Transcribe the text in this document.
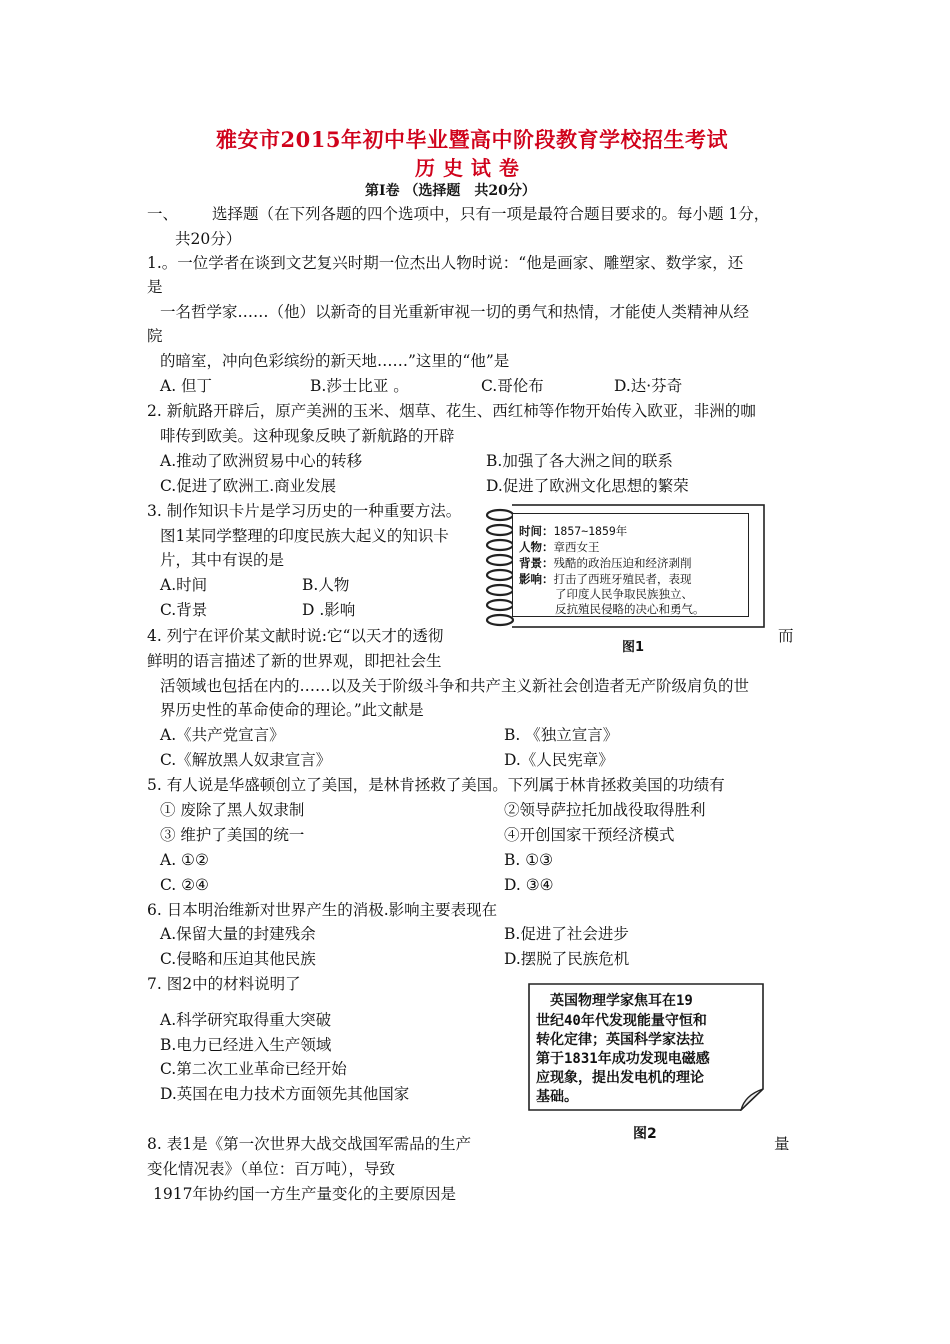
雅安市2015年初中毕业暨高中阶段教育学校招生考试
历 史 试 卷
第Ⅰ卷 （选择题　共20分）
一、 选择题（在下列各题的四个选项中，只有一项是最符合题目要求的。每小题 1分，
共20分）
1.。一位学者在谈到文艺复兴时期一位杰出人物时说：“他是画家、雕塑家、数学家，还
是
一名哲学家……（他）以新奇的目光重新审视一切的勇气和热情，才能使人类精神从经
院
的暗室，冲向色彩缤纷的新天地……”这里的“他”是
A. 但丁	B.莎士比亚 。	C.哥伦布	D.达·芬奇
2. 新航路开辟后，原产美洲的玉米、烟草、花生、西红柿等作物开始传入欧亚，非洲的咖
啡传到欧美。这种现象反映了新航路的开辟
A.推动了欧洲贸易中心的转移	B.加强了各大洲之间的联系
C.促进了欧洲工.商业发展	D.促进了欧洲文化思想的繁荣
3. 制作知识卡片是学习历史的一种重要方法。
图1某同学整理的印度民族大起义的知识卡
片，其中有误的是
A.时间	B.人物
C.背景	D .影响
时间：1857~1859年
人物：章西女王
背景：残酷的政治压迫和经济剥削
影响：打击了西班牙殖民者，表现
了印度人民争取民族独立、
反抗殖民侵略的决心和勇气。
图1
4. 列宁在评价某文献时说:它“以天才的透彻	而
鲜明的语言描述了新的世界观，即把社会生
活领域也包括在内的……以及关于阶级斗争和共产主义新社会创造者无产阶级肩负的世
界历史性的革命使命的理论。”此文献是
A.《共产党宣言》	B. 《独立宣言》
C.《解放黑人奴隶宣言》	D.《人民宪章》
5. 有人说是华盛顿创立了美国，是林肯拯救了美国。下列属于林肯拯救美国的功绩有
① 废除了黑人奴隶制	②领导萨拉托加战役取得胜利
③ 维护了美国的统一	④开创国家干预经济模式
A. ①②	B. ①③
C. ②④	D. ③④
6. 日本明治维新对世界产生的消极.影响主要表现在
A.保留大量的封建残余	B.促进了社会进步
C.侵略和压迫其他民族	D.摆脱了民族危机
7. 图2中的材料说明了
A.科学研究取得重大突破
B.电力已经进入生产领域
C.第二次工业革命已经开始
D.英国在电力技术方面领先其他国家
　英国物理学家焦耳在19
世纪40年代发现能量守恒和
转化定律；英国科学家法拉
第于1831年成功发现电磁感
应现象，提出发电机的理论
基础。
图2
8. 表1是《第一次世界大战交战国军需品的生产	量
变化情况表》（单位：百万吨），导致
1917年协约国一方生产量变化的主要原因是
